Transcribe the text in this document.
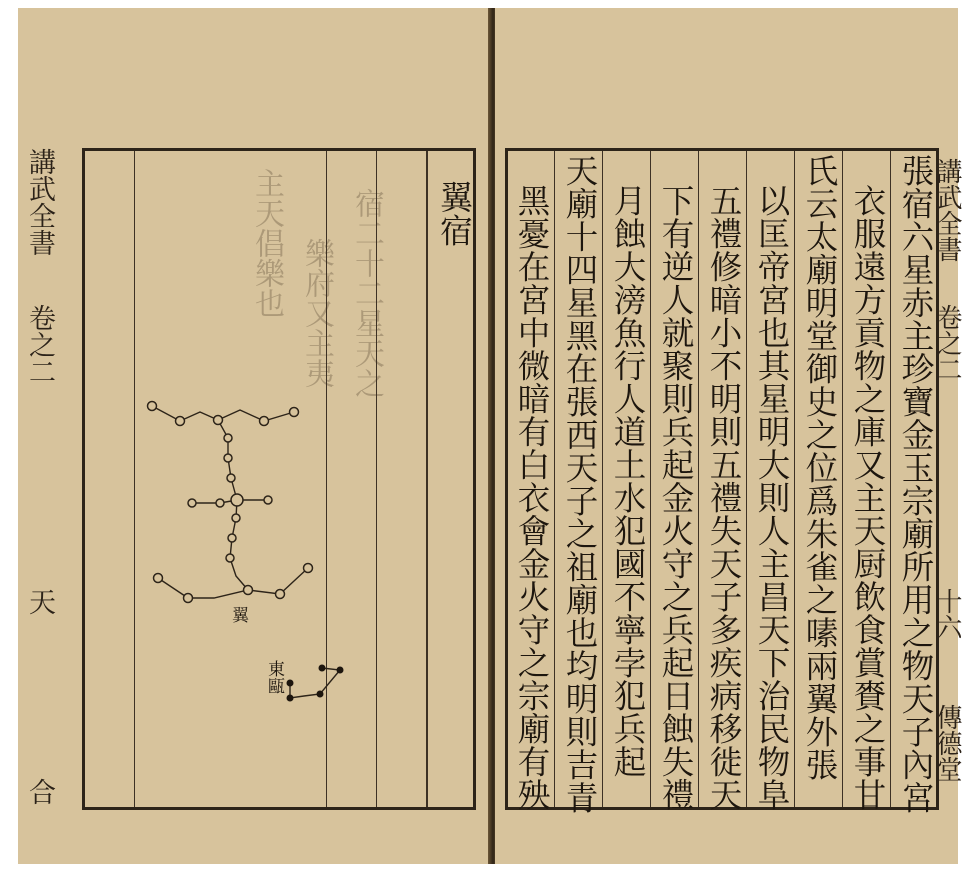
宿二十二星天之
樂府又主夷
主天倡樂也
講武全書
卷之二
天
合
翼宿
翼
東甌	張宿六星赤主珍寶金玉宗廟所用之物天子內宮
衣服遠方貢物之庫又主天厨飲食賞賚之事甘
氏云太廟明堂御史之位爲朱雀之嗉兩翼外張
以匡帝宮也其星明大則人主昌天下治民物阜
五禮修暗小不明則五禮失天子多疾病移徙天
下有逆人就聚則兵起金火守之兵起日蝕失禮
月蝕大滂魚行人道土水犯國不寧孛犯兵起
天廟十四星黑在張西天子之祖廟也均明則吉青
黑憂在宮中微暗有白衣會金火守之宗廟有殃	講武全書
卷之二
十六
傳德堂
